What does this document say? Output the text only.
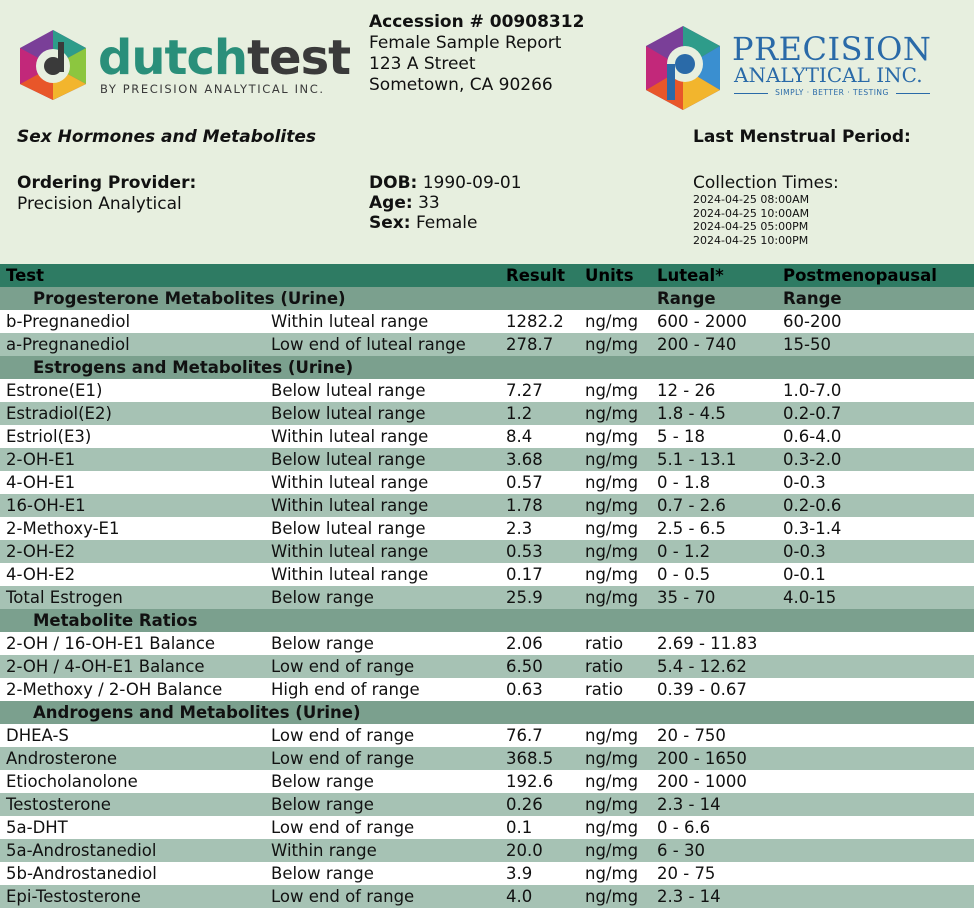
dutchtest
BY PRECISION ANALYTICAL INC.
Accession # 00908312
Female Sample Report
123 A Street
Sometown, CA 90266
PRECISION
ANALYTICAL INC.
SIMPLY · BETTER · TESTING
Sex Hormones and Metabolites	Last Menstrual Period:
Ordering Provider:
Precision Analytical
DOB: 1990-09-01
Age: 33
Sex: Female
Collection Times:
2024-04-25 08:00AM
2024-04-25 10:00AM
2024-04-25 05:00PM
2024-04-25 10:00PM
Test		Result	Units	Luteal*	Postmenopausal
Progesterone Metabolites (Urine)				Range	Range
b-Pregnanediol	Within luteal range	1282.2	ng/mg	600 - 2000	60-200
a-Pregnanediol	Low end of luteal range	278.7	ng/mg	200 - 740	15-50
Estrogens and Metabolites (Urine)					
Estrone(E1)	Below luteal range	7.27	ng/mg	12 - 26	1.0-7.0
Estradiol(E2)	Below luteal range	1.2	ng/mg	1.8 - 4.5	0.2-0.7
Estriol(E3)	Within luteal range	8.4	ng/mg	5 - 18	0.6-4.0
2-OH-E1	Below luteal range	3.68	ng/mg	5.1 - 13.1	0.3-2.0
4-OH-E1	Within luteal range	0.57	ng/mg	0 - 1.8	0-0.3
16-OH-E1	Within luteal range	1.78	ng/mg	0.7 - 2.6	0.2-0.6
2-Methoxy-E1	Below luteal range	2.3	ng/mg	2.5 - 6.5	0.3-1.4
2-OH-E2	Within luteal range	0.53	ng/mg	0 - 1.2	0-0.3
4-OH-E2	Within luteal range	0.17	ng/mg	0 - 0.5	0-0.1
Total Estrogen	Below range	25.9	ng/mg	35 - 70	4.0-15
Metabolite Ratios					
2-OH / 16-OH-E1 Balance	Below range	2.06	ratio	2.69 - 11.83	
2-OH / 4-OH-E1 Balance	Low end of range	6.50	ratio	5.4 - 12.62	
2-Methoxy / 2-OH Balance	High end of range	0.63	ratio	0.39 - 0.67	
Androgens and Metabolites (Urine)					
DHEA-S	Low end of range	76.7	ng/mg	20 - 750	
Androsterone	Low end of range	368.5	ng/mg	200 - 1650	
Etiocholanolone	Below range	192.6	ng/mg	200 - 1000	
Testosterone	Below range	0.26	ng/mg	2.3 - 14	
5a-DHT	Low end of range	0.1	ng/mg	0 - 6.6	
5a-Androstanediol	Within range	20.0	ng/mg	6 - 30	
5b-Androstanediol	Below range	3.9	ng/mg	20 - 75	
Epi-Testosterone	Low end of range	4.0	ng/mg	2.3 - 14	
